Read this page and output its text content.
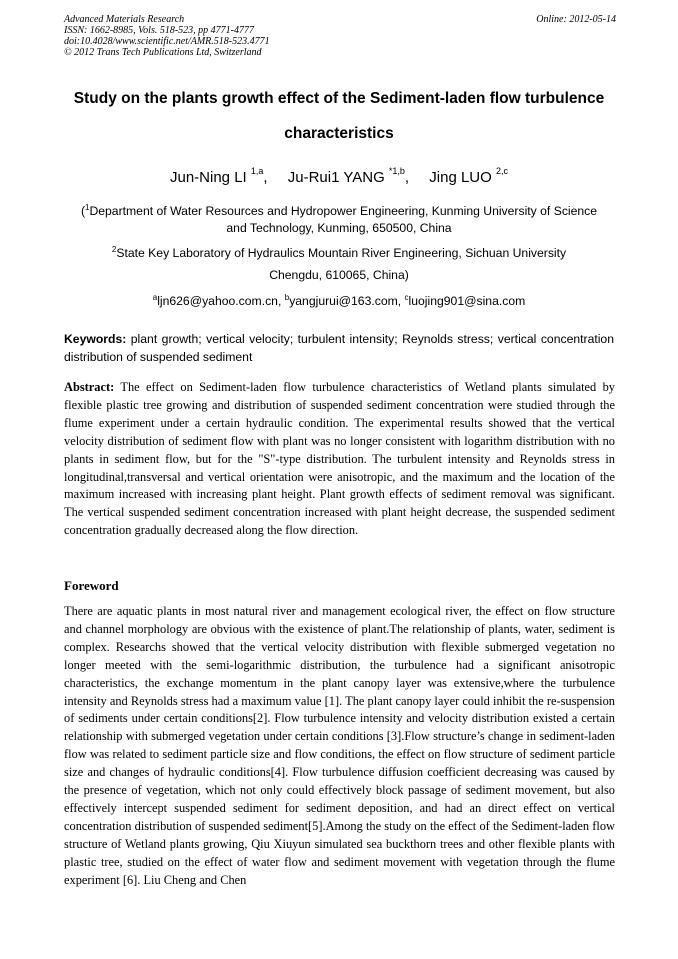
Advanced Materials Research
ISSN: 1662-8985, Vols. 518-523, pp 4771-4777
doi:10.4028/www.scientific.net/AMR.518-523.4771
© 2012 Trans Tech Publications Ltd, Switzerland
Online: 2012-05-14
Study on the plants growth effect of the Sediment-laden flow turbulence
characteristics
Jun-Ning LI $^{1,a}$, Ju-Rui1 YANG $^{*1,b}$, Jing LUO $^{2,c}$
($^1$Department of Water Resources and Hydropower Engineering, Kunming University of Science
and Technology, Kunming, 650500, China
$^2$State Key Laboratory of Hydraulics Mountain River Engineering, Sichuan University
Chengdu, 610065, China)
$^a$ljn626@yahoo.com.cn, $^b$yangjurui@163.com, $^c$luojing901@sina.com
Keywords: plant growth; vertical velocity; turbulent intensity; Reynolds stress; vertical concentration distribution of suspended sediment
Abstract: The effect on Sediment-laden flow turbulence characteristics of Wetland plants simulated by flexible plastic tree growing and distribution of suspended sediment concentration were studied through the flume experiment under a certain hydraulic condition. The experimental results showed that the vertical velocity distribution of sediment flow with plant was no longer consistent with logarithm distribution with no plants in sediment flow, but for the "S"-type distribution. The turbulent intensity and Reynolds stress in longitudinal,transversal and vertical orientation were anisotropic, and the maximum and the location of the maximum increased with increasing plant height. Plant growth effects of sediment removal was significant. The vertical suspended sediment concentration increased with plant height decrease, the suspended sediment concentration gradually decreased along the flow direction.
Foreword
There are aquatic plants in most natural river and management ecological river, the effect on flow structure and channel morphology are obvious with the existence of plant.The relationship of plants, water, sediment is complex. Researchs showed that the vertical velocity distribution with flexible submerged vegetation no longer meeted with the semi-logarithmic distribution, the turbulence had a significant anisotropic characteristics, the exchange momentum in the plant canopy layer was extensive,where the turbulence intensity and Reynolds stress had a maximum value [1]. The plant canopy layer could inhibit the re-suspension of sediments under certain conditions[2]. Flow turbulence intensity and velocity distribution existed a certain relationship with submerged vegetation under certain conditions [3].Flow structure’s change in sediment-laden flow was related to sediment particle size and flow conditions, the effect on flow structure of sediment particle size and changes of hydraulic conditions[4]. Flow turbulence diffusion coefficient decreasing was caused by the presence of vegetation, which not only could effectively block passage of sediment movement, but also effectively intercept suspended sediment for sediment deposition, and had an direct effect on vertical concentration distribution of suspended sediment[5].Among the study on the effect of the Sediment-laden flow structure of Wetland plants growing, Qiu Xiuyun simulated sea buckthorn trees and other flexible plants with plastic tree, studied on the effect of water flow and sediment movement with vegetation through the flume experiment [6]. Liu Cheng and Chen
